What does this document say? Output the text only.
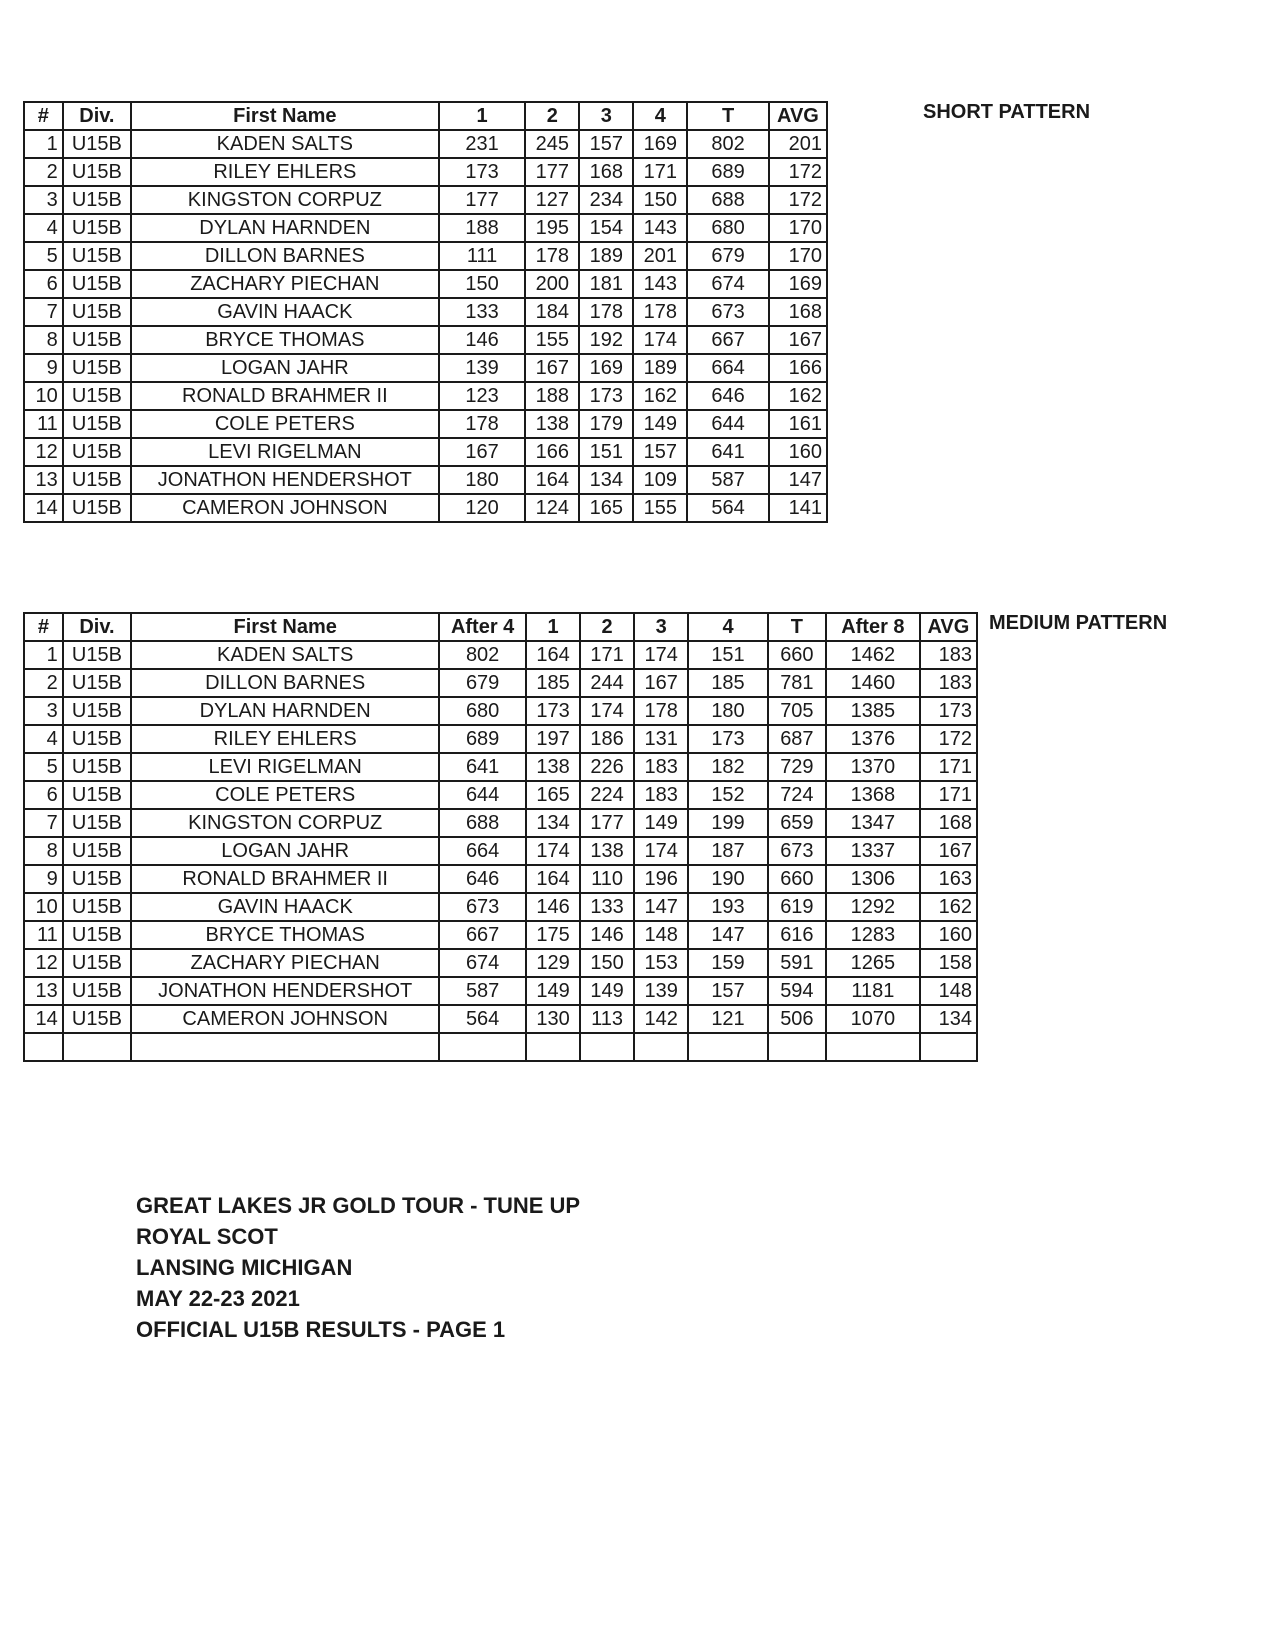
#	Div.	First Name	1	2	3	4	T	AVG
1	U15B	KADEN SALTS	231	245	157	169	802	201
2	U15B	RILEY EHLERS	173	177	168	171	689	172
3	U15B	KINGSTON CORPUZ	177	127	234	150	688	172
4	U15B	DYLAN HARNDEN	188	195	154	143	680	170
5	U15B	DILLON BARNES	111	178	189	201	679	170
6	U15B	ZACHARY PIECHAN	150	200	181	143	674	169
7	U15B	GAVIN HAACK	133	184	178	178	673	168
8	U15B	BRYCE THOMAS	146	155	192	174	667	167
9	U15B	LOGAN JAHR	139	167	169	189	664	166
10	U15B	RONALD BRAHMER II	123	188	173	162	646	162
11	U15B	COLE PETERS	178	138	179	149	644	161
12	U15B	LEVI RIGELMAN	167	166	151	157	641	160
13	U15B	JONATHON HENDERSHOT	180	164	134	109	587	147
14	U15B	CAMERON JOHNSON	120	124	165	155	564	141
SHORT PATTERN
#	Div.	First Name	After 4	1	2	3	4	T	After 8	AVG
1	U15B	KADEN SALTS	802	164	171	174	151	660	1462	183
2	U15B	DILLON BARNES	679	185	244	167	185	781	1460	183
3	U15B	DYLAN HARNDEN	680	173	174	178	180	705	1385	173
4	U15B	RILEY EHLERS	689	197	186	131	173	687	1376	172
5	U15B	LEVI RIGELMAN	641	138	226	183	182	729	1370	171
6	U15B	COLE PETERS	644	165	224	183	152	724	1368	171
7	U15B	KINGSTON CORPUZ	688	134	177	149	199	659	1347	168
8	U15B	LOGAN JAHR	664	174	138	174	187	673	1337	167
9	U15B	RONALD BRAHMER II	646	164	110	196	190	660	1306	163
10	U15B	GAVIN HAACK	673	146	133	147	193	619	1292	162
11	U15B	BRYCE THOMAS	667	175	146	148	147	616	1283	160
12	U15B	ZACHARY PIECHAN	674	129	150	153	159	591	1265	158
13	U15B	JONATHON HENDERSHOT	587	149	149	139	157	594	1181	148
14	U15B	CAMERON JOHNSON	564	130	113	142	121	506	1070	134

MEDIUM PATTERN
GREAT LAKES JR GOLD TOUR - TUNE UP
ROYAL SCOT
LANSING MICHIGAN
MAY 22-23 2021
OFFICIAL U15B RESULTS - PAGE 1
